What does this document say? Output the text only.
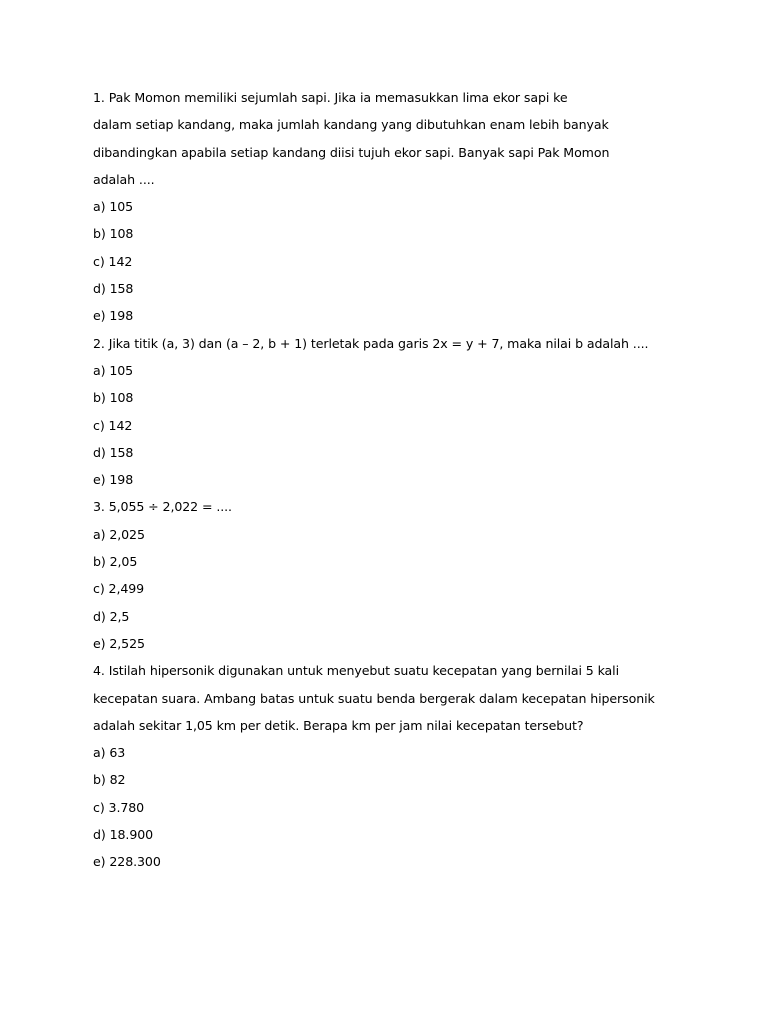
1. Pak Momon memiliki sejumlah sapi. Jika ia memasukkan lima ekor sapi ke
dalam setiap kandang, maka jumlah kandang yang dibutuhkan enam lebih banyak
dibandingkan apabila setiap kandang diisi tujuh ekor sapi. Banyak sapi Pak Momon
adalah ....
a) 105
b) 108
c) 142
d) 158
e) 198
2. Jika titik (a, 3) dan (a – 2, b + 1) terletak pada garis 2x = y + 7, maka nilai b adalah ....
a) 105
b) 108
c) 142
d) 158
e) 198
3. 5,055 ÷ 2,022 = ....
a) 2,025
b) 2,05
c) 2,499
d) 2,5
e) 2,525
4. Istilah hipersonik digunakan untuk menyebut suatu kecepatan yang bernilai 5 kali
kecepatan suara. Ambang batas untuk suatu benda bergerak dalam kecepatan hipersonik
adalah sekitar 1,05 km per detik. Berapa km per jam nilai kecepatan tersebut?
a) 63
b) 82
c) 3.780
d) 18.900
e) 228.300
